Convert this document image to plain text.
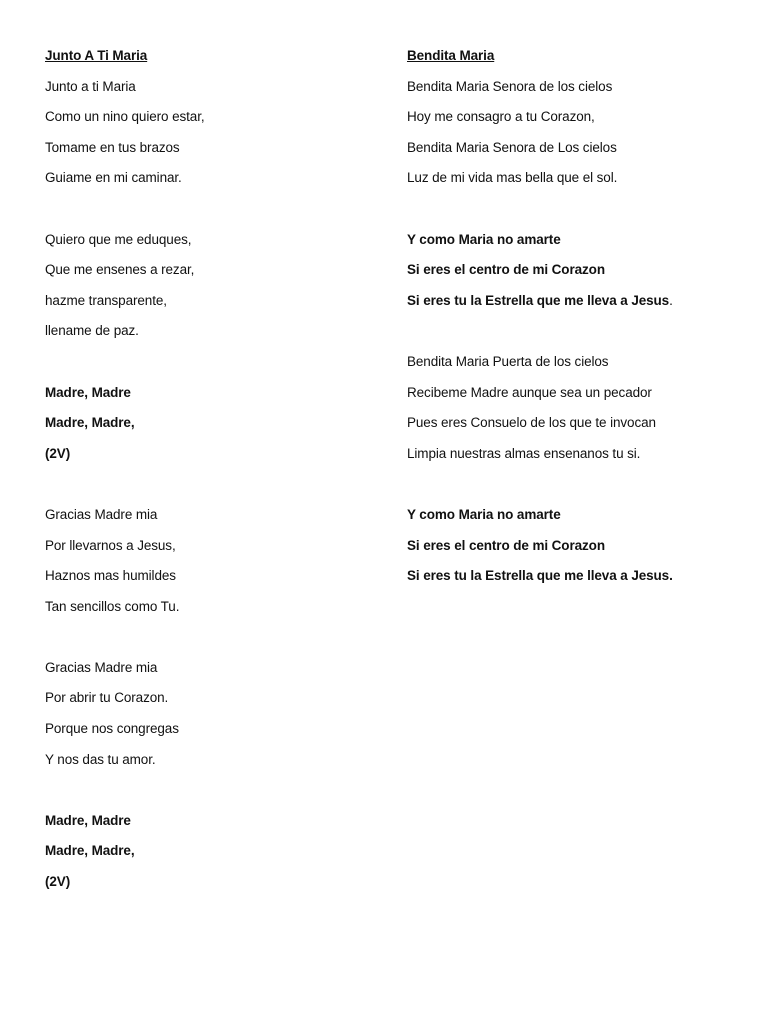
Junto A Ti Maria
Junto a ti Maria
Como un nino quiero estar,
Tomame en tus brazos
Guiame en mi caminar.
Quiero que me eduques,
Que me ensenes a rezar,
hazme transparente,
llename de paz.
Madre, Madre
Madre, Madre,
(2V)
Gracias Madre mia
Por llevarnos a Jesus,
Haznos mas humildes
Tan sencillos como Tu.
Gracias Madre mia
Por abrir tu Corazon.
Porque nos congregas
Y nos das tu amor.
Madre, Madre
Madre, Madre,
(2V)
Bendita Maria
Bendita Maria Senora de los cielos
Hoy me consagro a tu Corazon,
Bendita Maria Senora de Los cielos
Luz de mi vida mas bella que el sol.
Y como Maria no amarte
Si eres el centro de mi Corazon
Si eres tu la Estrella que me lleva a Jesus.
Bendita Maria Puerta de los cielos
Recibeme Madre aunque sea un pecador
Pues eres Consuelo de los que te invocan
Limpia nuestras almas ensenanos tu si.
Y como Maria no amarte
Si eres el centro de mi Corazon
Si eres tu la Estrella que me lleva a Jesus.
